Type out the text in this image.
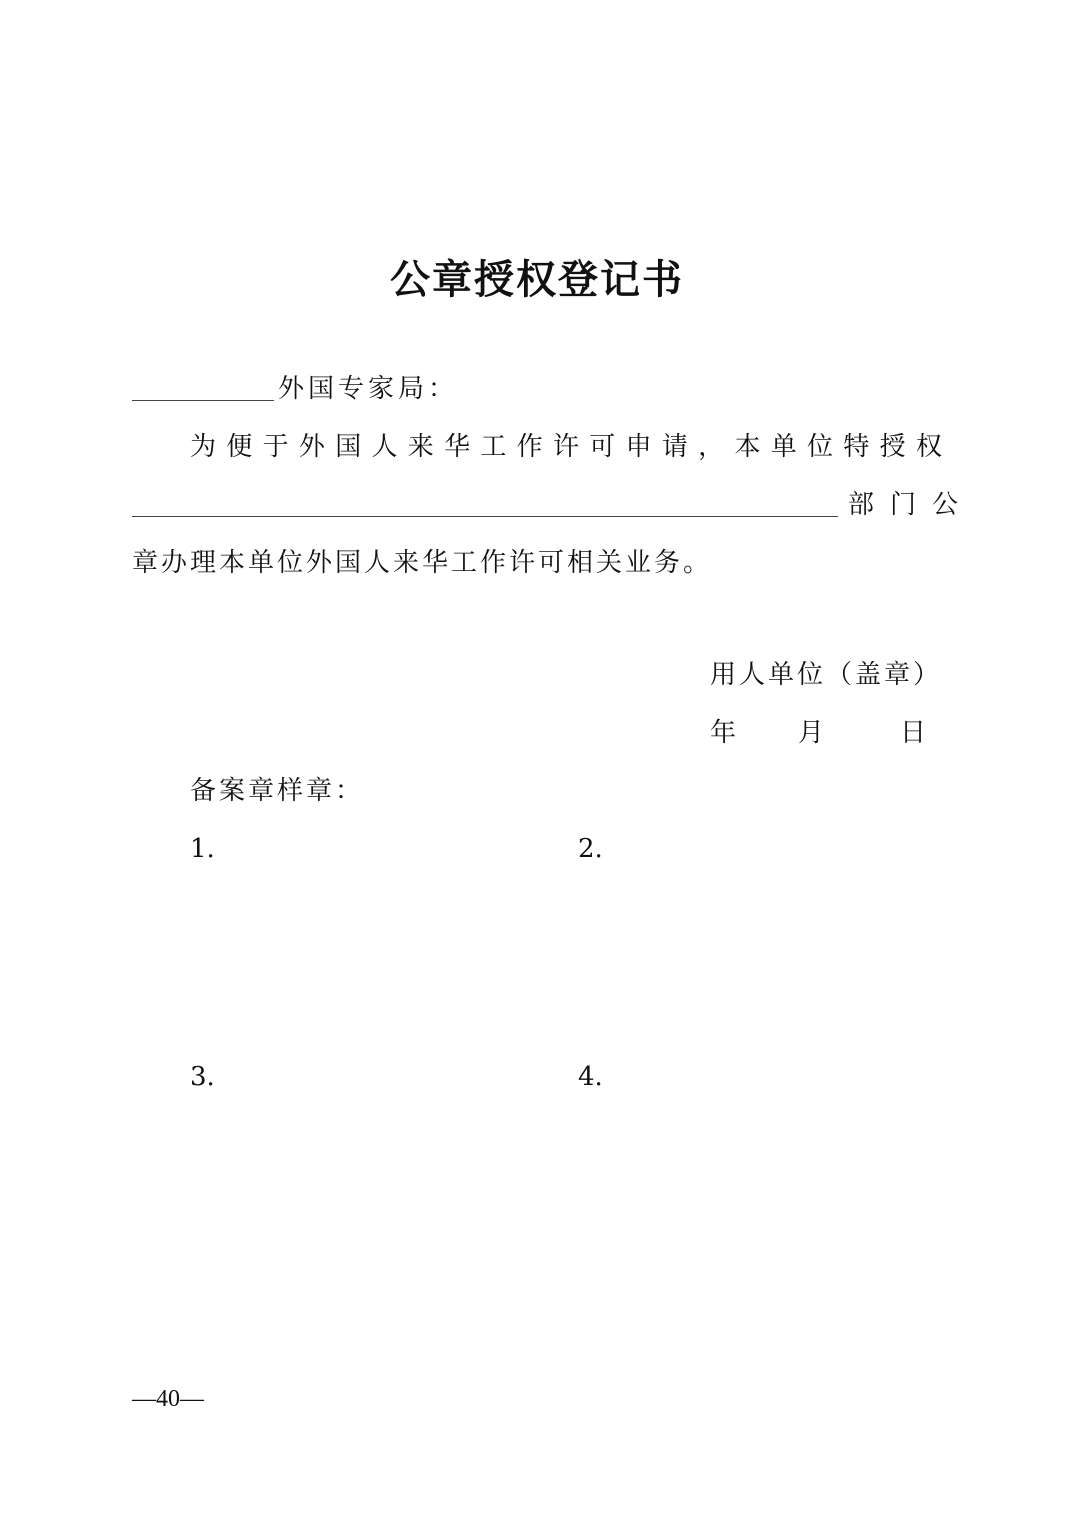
公章授权登记书
外国专家局：
为 便 于 外 国 人 来 华 工 作 许 可 申 请 ， 本 单 位 特 授 权
部门公
章办理本单位外国人来华工作许可相关业务。
用人单位（盖章）
年 月	日
备案章样章：
1.	2.
3.	4.
—40—
